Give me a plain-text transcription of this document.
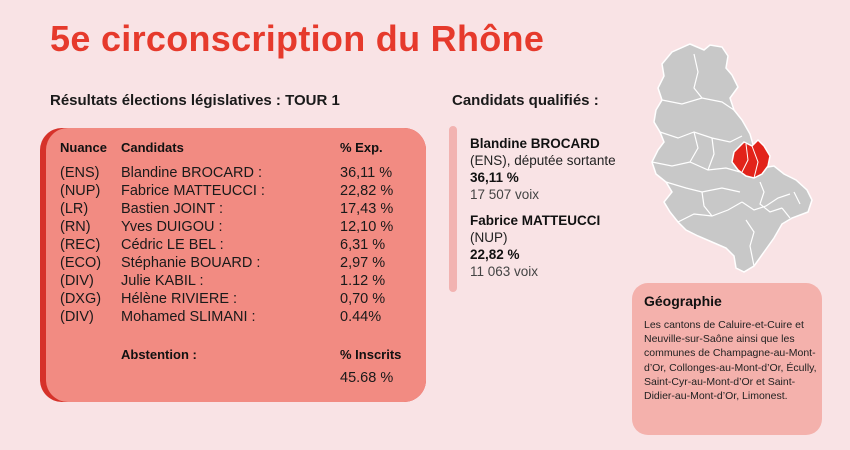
5e circonscription du Rhône
Résultats élections législatives : TOUR 1	Candidats qualifiés :
Nuance Candidats	% Exp.
(ENS) Blandine BROCARD :	36,11 %
(NUP) Fabrice MATTEUCCI :	22,82 %
(LR) Bastien JOINT :	17,43 %
(RN) Yves DUIGOU :	12,10 %
(REC) Cédric LE BEL :	6,31 %
(ECO) Stéphanie BOUARD :	2,97 %
(DIV) Julie KABIL :	1.12 %
(DXG) Hélène RIVIERE :	0,70 %
(DIV) Mohamed SLIMANI :	0.44%
Abstention :	% Inscrits
45.68 %
Blandine BROCARD
(ENS), députée sortante
36,11 %
17 507 voix
Fabrice MATTEUCCI
(NUP)
22,82 %
11 063 voix
Géographie
Les cantons de Caluire-et-Cuire et Neuville-sur-Saône ainsi que les communes de Champagne-au-Mont-d’Or, Collonges-au-Mont-d’Or, Écully, Saint-Cyr-au-Mont-d’Or et Saint-Didier-au-Mont-d’Or, Limonest.
